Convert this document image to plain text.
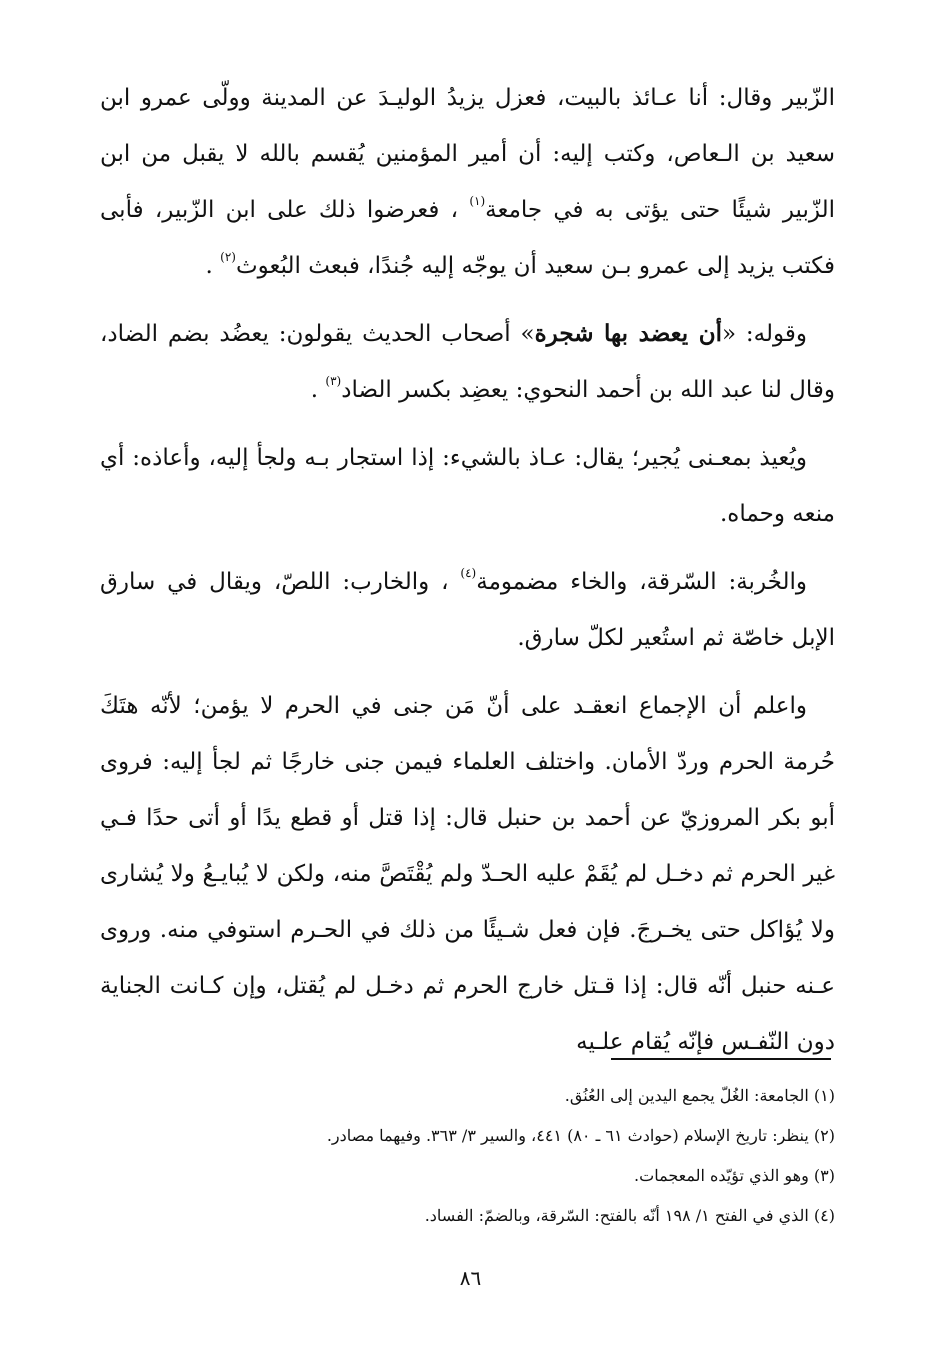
الزّبير وقال: أنا عـائذ بالبيت، فعزل يزيدُ الوليـدَ عن المدينة وولّى عمرو ابن سعيد بن الـعاص، وكتب إليه: أن أمير المؤمنين يُقسم بالله لا يقبل من ابن الزّبير شيئًا حتى يؤتى به في جامعة$^{(١)}$ ، فعرضوا ذلك على ابن الزّبير، فأبى فكتب يزيد إلى عمرو بـن سعيد أن يوجّه إليه جُندًا، فبعث البُعوث$^{(٢)}$ .

وقوله: «أن يعضد بها شجرة» أصحاب الحديث يقولون: يعضُد بضم الضاد، وقال لنا عبد الله بن أحمد النحوي: يعضِد بكسر الضاد$^{(٣)}$ .

ويُعيذ بمعـنى يُجير؛ يقال: عـاذ بالشيء: إذا استجار بـه ولجأ إليه، وأعاذه: أي منعه وحماه.

والخُربة: السّرقة، والخاء مضمومة$^{(٤)}$ ، والخارب: اللصّ، ويقال في سارق الإبل خاصّة ثم استُعير لكلّ سارق.

واعلم أن الإجماع انعقـد على أنّ مَن جنى في الحرم لا يؤمن؛ لأنّه هتَكَ حُرمة الحرم وردّ الأمان. واختلف العلماء فيمن جنى خارجًا ثم لجأ إليه: فروى أبو بكر المروزيّ عن أحمد بن حنبل قال: إذا قتل أو قطع يدًا أو أتى حدًا فـي غير الحرم ثم دخـل لم يُقَمْ عليه الحـدّ ولم يُقْتَصَّ منه، ولكن لا يُبايـعُ ولا يُشارى ولا يُؤاكل حتى يخـرجَ. فإن فعل شـيئًا من ذلك في الحـرم استوفي منه. وروى عـنه حنبل أنّه قال: إذا قـتل خارج الحرم ثم دخـل لم يُقتل، وإن كـانت الجناية دون النّفـس فإنّه يُقام علـيه

(١) الجامعة: الغُلّ يجمع اليدين إلى العُنُق.

(٢) ينظر: تاريخ الإسلام (حوادث ٦١ ـ ٨٠) ٤٤١، والسير ٣/ ٣٦٣. وفيهما مصادر.

(٣) وهو الذي تؤيّده المعجمات.

(٤) الذي في الفتح ١/ ١٩٨ أنّه بالفتح: السّرقة، وبالضمّ: الفساد.

٨٦
